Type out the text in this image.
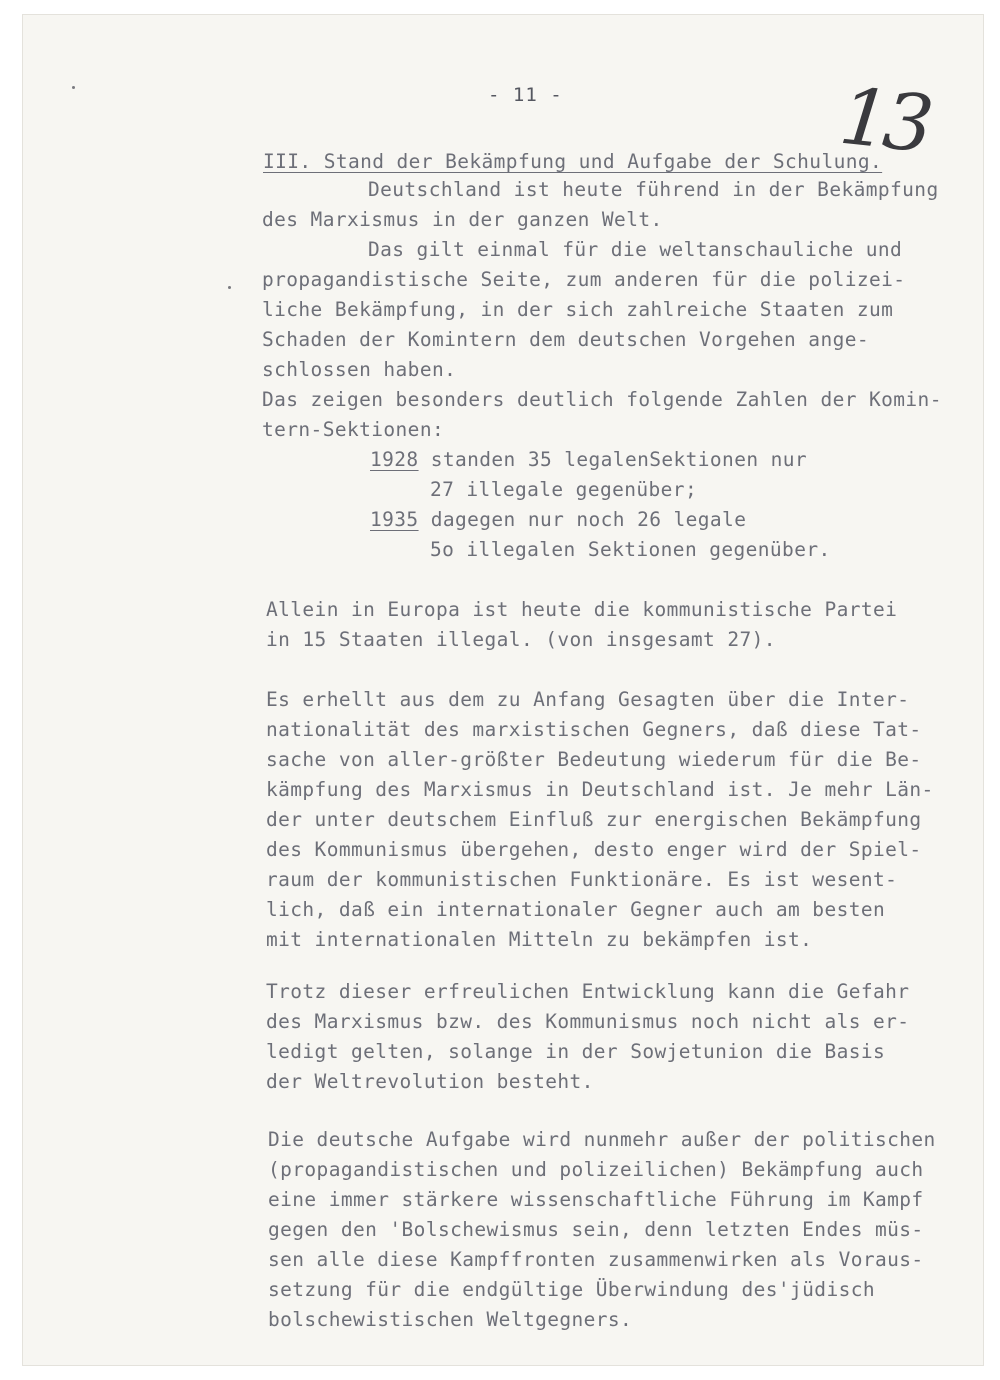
- 11 -	13
III. Stand der Bekämpfung und Aufgabe der Schulung.
Deutschland ist heute führend in der Bekämpfung
des Marxismus in der ganzen Welt.
Das gilt einmal für die weltanschauliche und
propagandistische Seite, zum anderen für die polizei-
liche Bekämpfung, in der sich zahlreiche Staaten zum
Schaden der Komintern dem deutschen Vorgehen ange-
schlossen haben.
Das zeigen besonders deutlich folgende Zahlen der Komin-
tern-Sektionen:
1928 standen 35 legalenSektionen nur
27 illegale gegenüber;
1935 dagegen nur noch 26 legale
5o illegalen Sektionen gegenüber.
Allein in Europa ist heute die kommunistische Partei
in 15 Staaten illegal. (von insgesamt 27).
Es erhellt aus dem zu Anfang Gesagten über die Inter-
nationalität des marxistischen Gegners, daß diese Tat-
sache von aller-größter Bedeutung wiederum für die Be-
kämpfung des Marxismus in Deutschland ist. Je mehr Län-
der unter deutschem Einfluß zur energischen Bekämpfung
des Kommunismus übergehen, desto enger wird der Spiel-
raum der kommunistischen Funktionäre. Es ist wesent-
lich, daß ein internationaler Gegner auch am besten
mit internationalen Mitteln zu bekämpfen ist.
Trotz dieser erfreulichen Entwicklung kann die Gefahr
des Marxismus bzw. des Kommunismus noch nicht als er-
ledigt gelten, solange in der Sowjetunion die Basis
der Weltrevolution besteht.
Die deutsche Aufgabe wird nunmehr außer der politischen
(propagandistischen und polizeilichen) Bekämpfung auch
eine immer stärkere wissenschaftliche Führung im Kampf
gegen den 'Bolschewismus sein, denn letzten Endes müs-
sen alle diese Kampffronten zusammenwirken als Voraus-
setzung für die endgültige Überwindung des'jüdisch
bolschewistischen Weltgegners.
